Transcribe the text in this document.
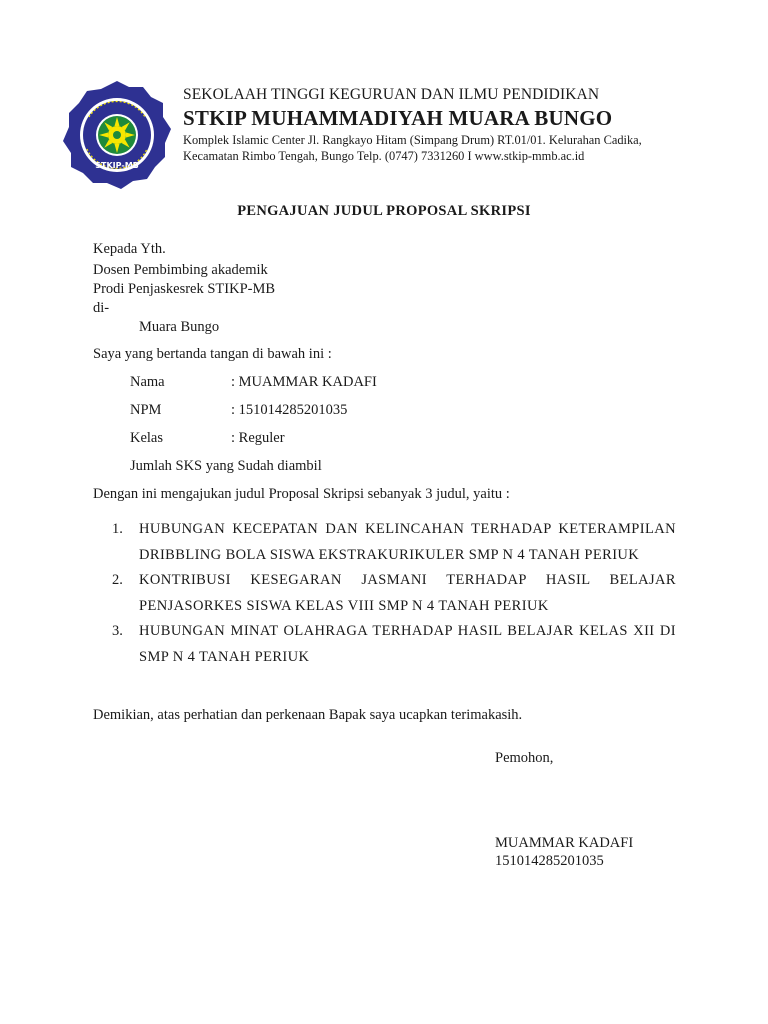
STKIP-MB
SEKOLAAH TINGGI KEGURUAN DAN ILMU PENDIDIKAN
STKIP MUHAMMADIYAH MUARA BUNGO
Komplek Islamic Center Jl. Rangkayo Hitam (Simpang Drum) RT.01/01. Kelurahan Cadika,
Kecamatan Rimbo Tengah, Bungo Telp. (0747) 7331260 I www.stkip-mmb.ac.id
PENGAJUAN JUDUL PROPOSAL SKRIPSI
Kepada Yth.
Dosen Pembimbing akademik
Prodi Penjaskesrek STIKP-MB
di-
Muara Bungo
Saya yang bertanda tangan di bawah ini :
Nama	: MUAMMAR KADAFI
NPM	: 151014285201035
Kelas	: Reguler
Jumlah SKS yang Sudah diambil
Dengan ini mengajukan judul Proposal Skripsi sebanyak 3 judul, yaitu :
1.	HUBUNGAN KECEPATAN DAN KELINCAHAN TERHADAP KETERAMPILAN DRIBBLING BOLA SISWA EKSTRAKURIKULER SMP N 4 TANAH PERIUK
2.	KONTRIBUSI KESEGARAN JASMANI TERHADAP HASIL BELAJAR PENJASORKES SISWA KELAS VIII SMP N 4 TANAH PERIUK
3.	HUBUNGAN MINAT OLAHRAGA TERHADAP HASIL BELAJAR KELAS XII DI SMP N 4 TANAH PERIUK
Demikian, atas perhatian dan perkenaan Bapak saya ucapkan terimakasih.
Pemohon,
MUAMMAR KADAFI
151014285201035
